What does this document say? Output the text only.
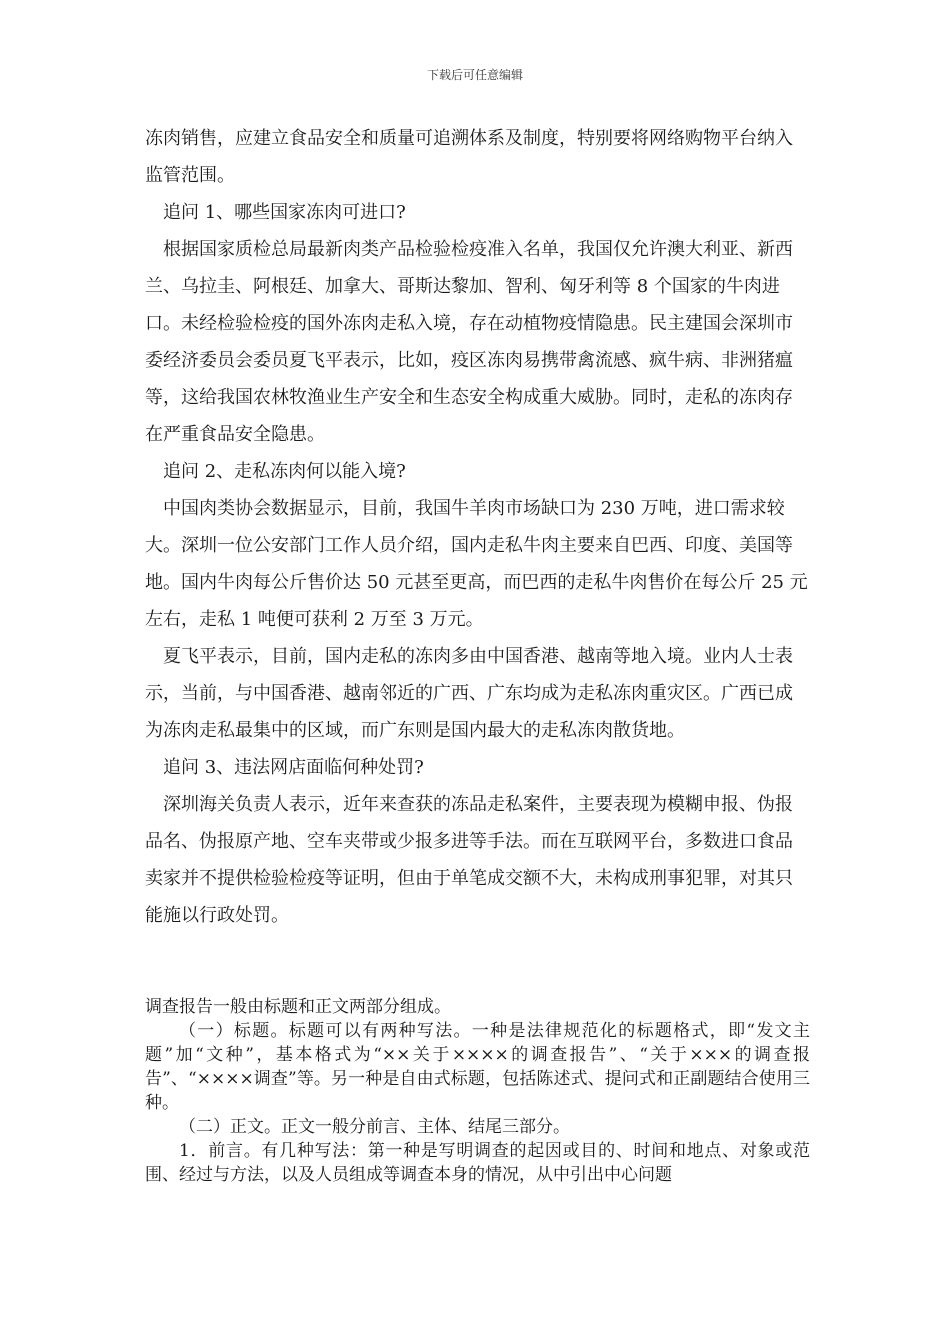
下载后可任意编辑

冻肉销售，应建立食品安全和质量可追溯体系及制度，特别要将网络购物平台纳入监管范围。

追问 1、哪些国家冻肉可进口?

根据国家质检总局最新肉类产品检验检疫准入名单，我国仅允许澳大利亚、新西兰、乌拉圭、阿根廷、加拿大、哥斯达黎加、智利、匈牙利等 8 个国家的牛肉进口。未经检验检疫的国外冻肉走私入境，存在动植物疫情隐患。民主建国会深圳市委经济委员会委员夏飞平表示，比如，疫区冻肉易携带禽流感、疯牛病、非洲猪瘟等，这给我国农林牧渔业生产安全和生态安全构成重大威胁。同时，走私的冻肉存在严重食品安全隐患。

追问 2、走私冻肉何以能入境?

中国肉类协会数据显示，目前，我国牛羊肉市场缺口为 230 万吨，进口需求较大。深圳一位公安部门工作人员介绍，国内走私牛肉主要来自巴西、印度、美国等地。国内牛肉每公斤售价达 50 元甚至更高，而巴西的走私牛肉售价在每公斤 25 元左右，走私 1 吨便可获利 2 万至 3 万元。

夏飞平表示，目前，国内走私的冻肉多由中国香港、越南等地入境。业内人士表示，当前，与中国香港、越南邻近的广西、广东均成为走私冻肉重灾区。广西已成为冻肉走私最集中的区域，而广东则是国内最大的走私冻肉散货地。

追问 3、违法网店面临何种处罚?

深圳海关负责人表示，近年来查获的冻品走私案件，主要表现为模糊申报、伪报品名、伪报原产地、空车夹带或少报多进等手法。而在互联网平台，多数进口食品卖家并不提供检验检疫等证明，但由于单笔成交额不大，未构成刑事犯罪，对其只能施以行政处罚。

调查报告一般由标题和正文两部分组成。

（一）标题。标题可以有两种写法。一种是法律规范化的标题格式，即“发文主题”加“文种”，基本格式为“××关于××××的调查报告”、“关于×××的调查报告”、“××××调查”等。另一种是自由式标题，包括陈述式、提问式和正副题结合使用三种。

（二）正文。正文一般分前言、主体、结尾三部分。

1．前言。有几种写法：第一种是写明调查的起因或目的、时间和地点、对象或范围、经过与方法，以及人员组成等调查本身的情况，从中引出中心问题
